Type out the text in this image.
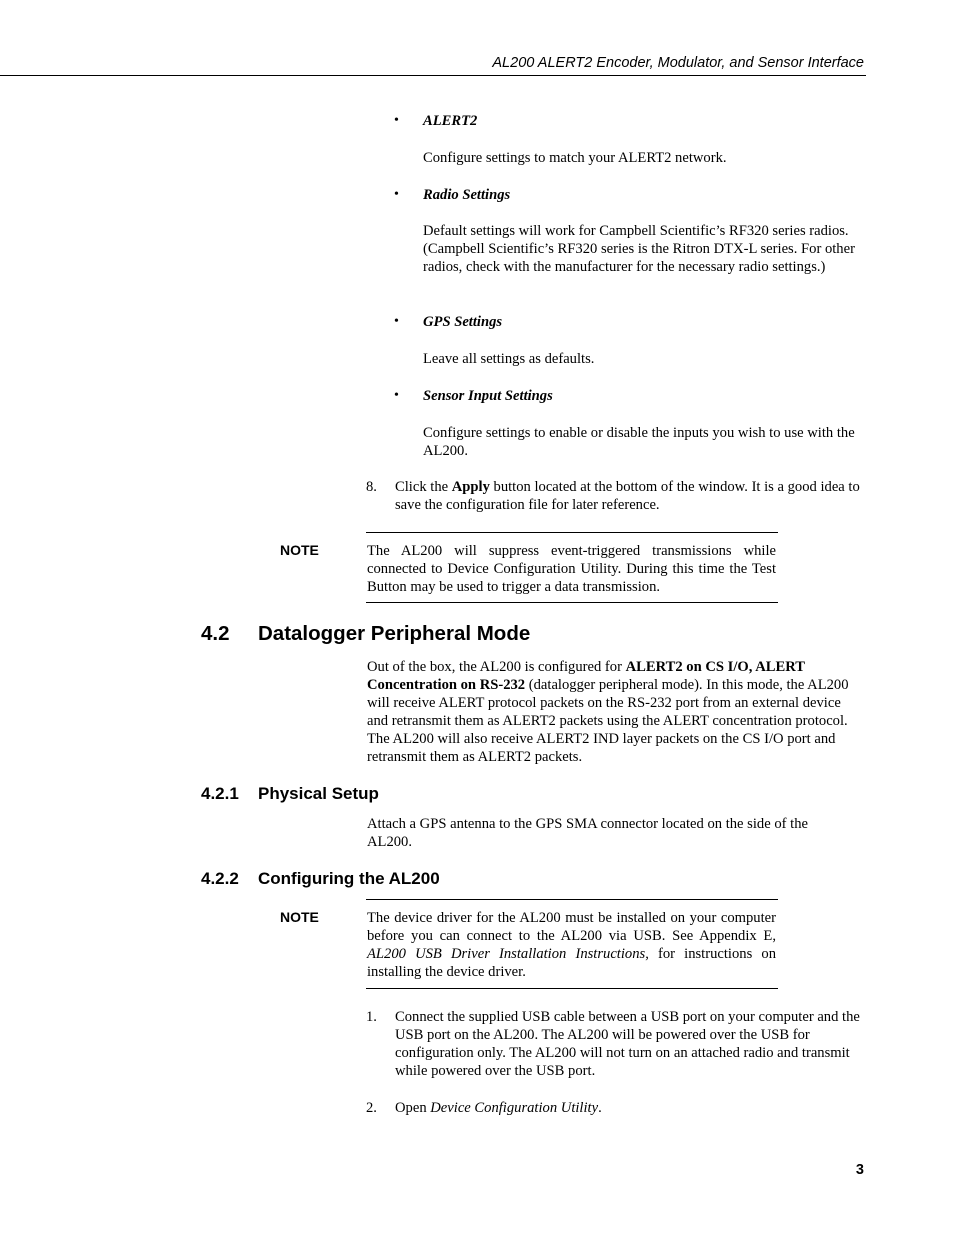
AL200 ALERT2 Encoder, Modulator, and Sensor Interface
• ALERT2
Configure settings to match your ALERT2 network.
• Radio Settings
Default settings will work for Campbell Scientific’s RF320 series radios. (Campbell Scientific’s RF320 series is the Ritron DTX-L series. For other radios, check with the manufacturer for the necessary radio settings.)
• GPS Settings
Leave all settings as defaults.
• Sensor Input Settings
Configure settings to enable or disable the inputs you wish to use with the AL200.
8. Click the Apply button located at the bottom of the window. It is a good idea to save the configuration file for later reference.
NOTE	The AL200 will suppress event-triggered transmissions while connected to Device Configuration Utility. During this time the Test Button may be used to trigger a data transmission.
4.2 Datalogger Peripheral Mode
Out of the box, the AL200 is configured for ALERT2 on CS I/O, ALERT Concentration on RS-232 (datalogger peripheral mode). In this mode, the AL200 will receive ALERT protocol packets on the RS-232 port from an external device and retransmit them as ALERT2 packets using the ALERT concentration protocol. The AL200 will also receive ALERT2 IND layer packets on the CS I/O port and retransmit them as ALERT2 packets.
4.2.1 Physical Setup
Attach a GPS antenna to the GPS SMA connector located on the side of the AL200.
4.2.2 Configuring the AL200
NOTE	The device driver for the AL200 must be installed on your computer before you can connect to the AL200 via USB. See Appendix E, AL200 USB Driver Installation Instructions, for instructions on installing the device driver.
1. Connect the supplied USB cable between a USB port on your computer and the USB port on the AL200. The AL200 will be powered over the USB for configuration only. The AL200 will not turn on an attached radio and transmit while powered over the USB port.
2. Open Device Configuration Utility.
3
